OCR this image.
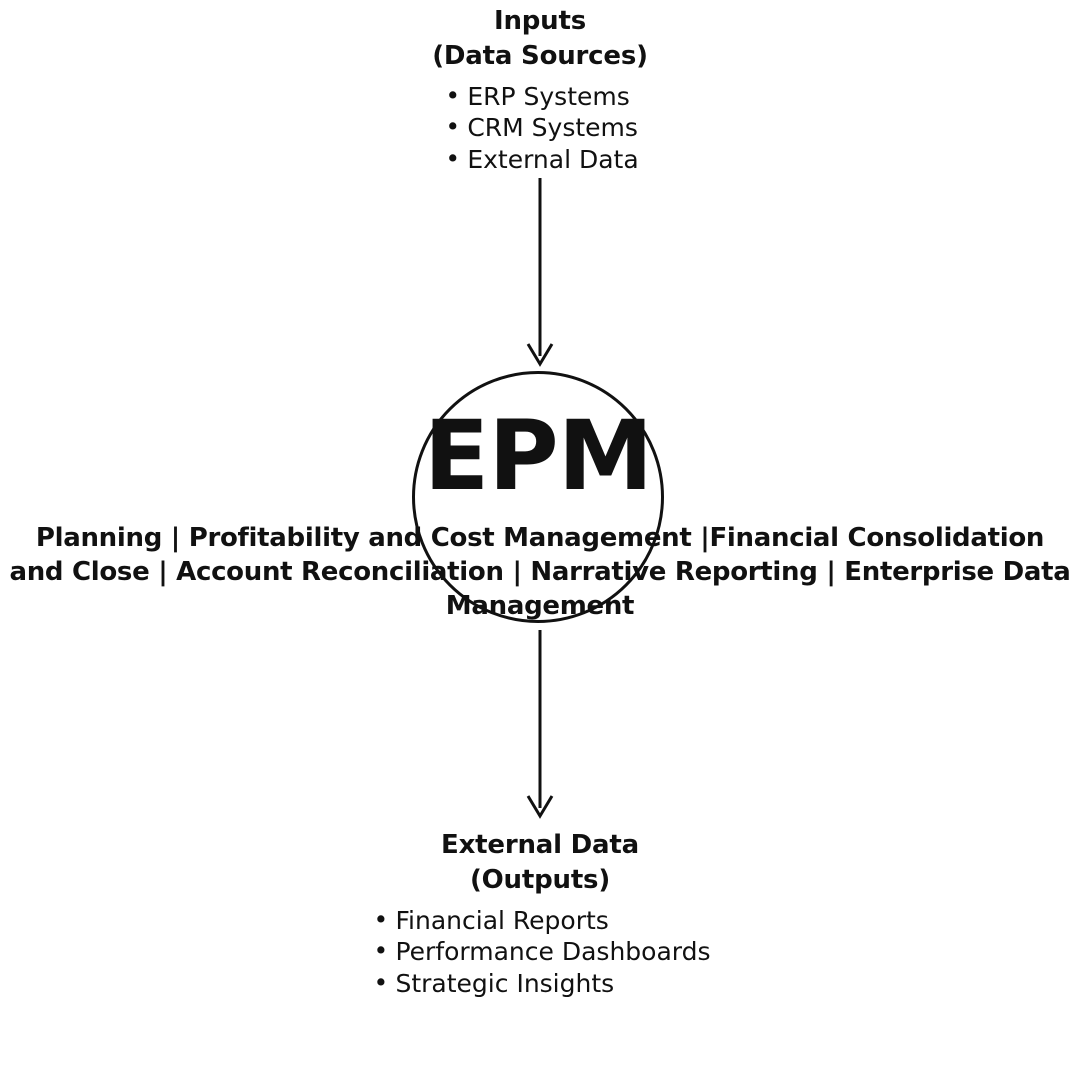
Inputs
(Data Sources)
• ERP Systems
• CRM Systems
• External Data
EPM
Planning | Profitability and Cost Management |Financial Consolidation
and Close | Account Reconciliation | Narrative Reporting | Enterprise Data Management
External Data
(Outputs)
• Financial Reports
• Performance Dashboards
• Strategic Insights
